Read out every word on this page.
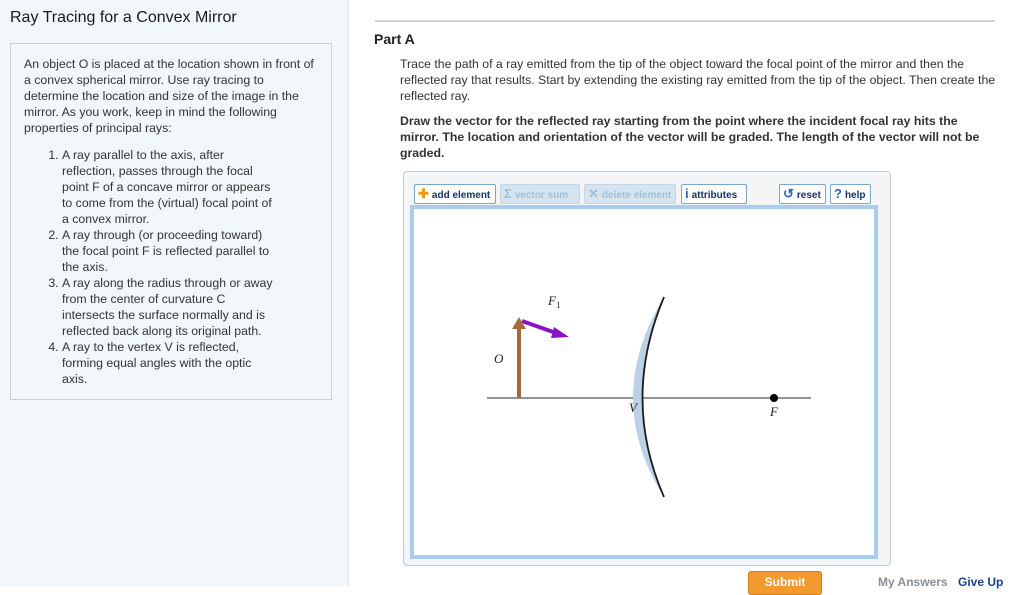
Ray Tracing for a Convex Mirror

An object O is placed at the location shown in front of a convex spherical mirror. Use ray tracing to determine the location and size of the image in the mirror. As you work, keep in mind the following properties of principal rays:

1. A ray parallel to the axis, after reflection, passes through the focal point F of a concave mirror or appears to come from the (virtual) focal point of a convex mirror.
2. A ray through (or proceeding toward) the focal point F is reflected parallel to the axis.
3. A ray along the radius through or away from the center of curvature C intersects the surface normally and is reflected back along its original path.
4. A ray to the vertex V is reflected, forming equal angles with the optic axis.
Part A
Trace the path of a ray emitted from the tip of the object toward the focal point of the mirror and then the reflected ray that results. Start by extending the existing ray emitted from the tip of the object. Then create the reflected ray.
Draw the vector for the reflected ray starting from the point where the incident focal ray hits the mirror. The location and orientation of the vector will be graded. The length of the vector will not be graded.
✚ add element	Σ vector sum	✕ delete element	i attributes	↺ reset	? help
O
$F_1$
V	F
Submit	My Answers Give Up
